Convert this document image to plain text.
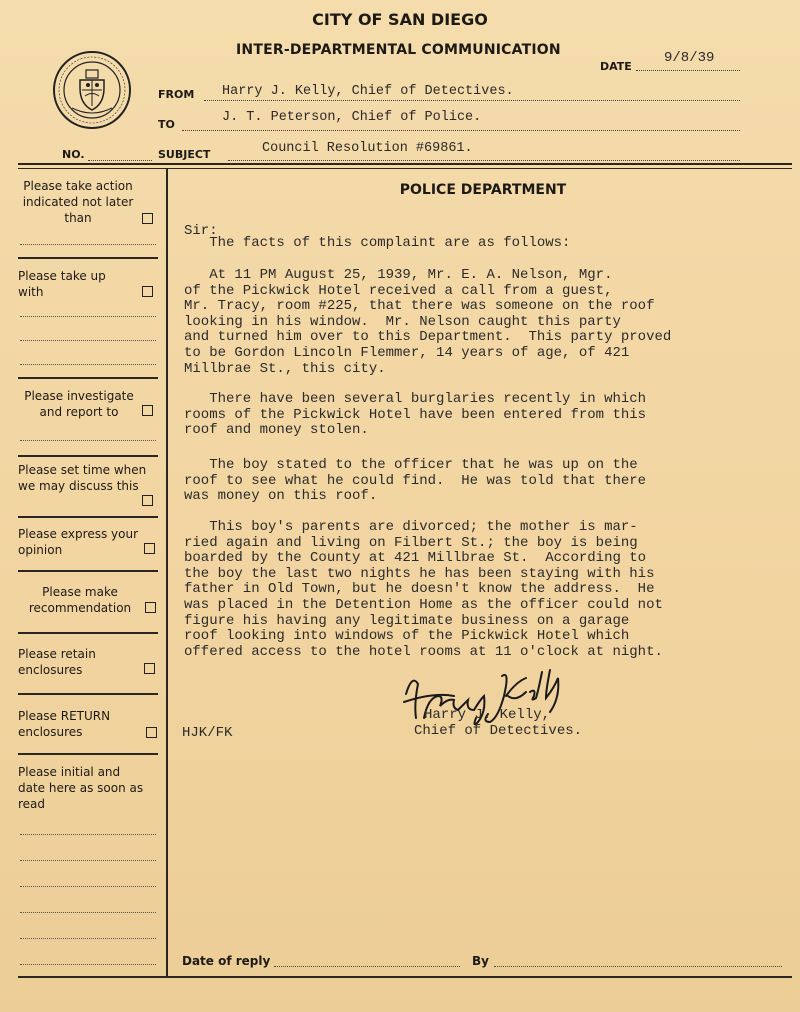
CITY OF SAN DIEGO
INTER-DEPARTMENTAL COMMUNICATION
DATE
9/8/39
FROM Harry J. Kelly, Chief of Detectives.
TO	J. T. Peterson, Chief of Police.
NO.	SUBJECT	Council Resolution #69861.
Please take action indicated not later than
Please take up with
Please investigate and report to
Please set time when we may discuss this
Please express your opinion
Please make recommendation
Please retain enclosures
Please RETURN enclosures
Please initial and date here as soon as read
POLICE DEPARTMENT
Sir:
The facts of this complaint are as follows:
At 11 PM August 25, 1939, Mr. E. A. Nelson, Mgr.
of the Pickwick Hotel received a call from a guest,
Mr. Tracy, room #225, that there was someone on the roof
looking in his window.  Mr. Nelson caught this party
and turned him over to this Department.  This party proved
to be Gordon Lincoln Flemmer, 14 years of age, of 421
Millbrae St., this city.
There have been several burglaries recently in which
rooms of the Pickwick Hotel have been entered from this
roof and money stolen.
The boy stated to the officer that he was up on the
roof to see what he could find.  He was told that there
was money on this roof.
This boy's parents are divorced; the mother is mar-
ried again and living on Filbert St.; the boy is being
boarded by the County at 421 Millbrae St.  According to
the boy the last two nights he has been staying with his
father in Old Town, but he doesn't know the address.  He
was placed in the Detention Home as the officer could not
figure his having any legitimate business on a garage
roof looking into windows of the Pickwick Hotel which
offered access to the hotel rooms at 11 o'clock at night.
Harry J. Kelly,
Chief of Detectives.
HJK/FK
Date of reply	By
